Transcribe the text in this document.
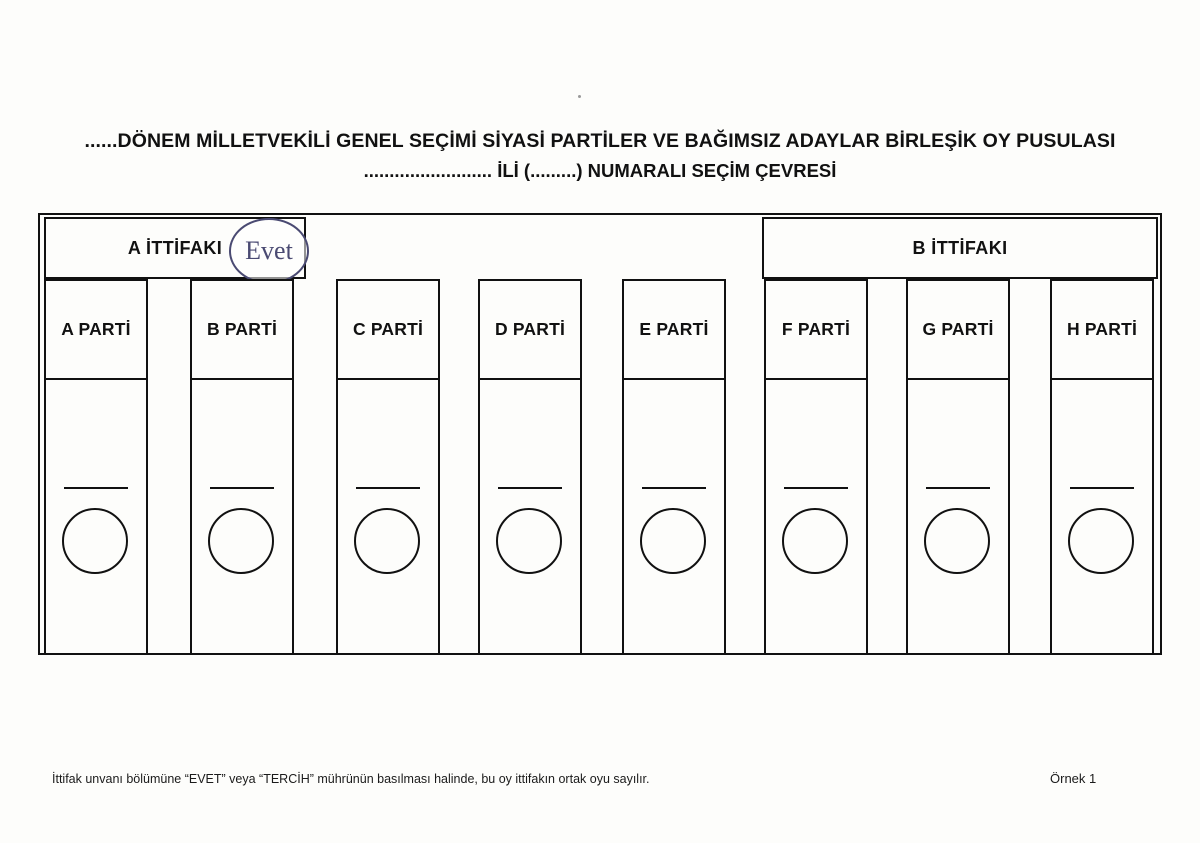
......DÖNEM MİLLETVEKİLİ GENEL SEÇİMİ SİYASİ PARTİLER VE BAĞIMSIZ ADAYLAR BİRLEŞİK OY PUSULASI
......................... İLİ (.........) NUMARALI SEÇİM ÇEVRESİ
A İTTİFAKI Evet	B İTTİFAKI
A PARTİ	B PARTİ	C PARTİ	D PARTİ	E PARTİ	F PARTİ	G PARTİ	H PARTİ
İttifak unvanı bölümüne “EVET” veya “TERCİH” mührünün basılması halinde, bu oy ittifakın ortak oyu sayılır.	Örnek 1
